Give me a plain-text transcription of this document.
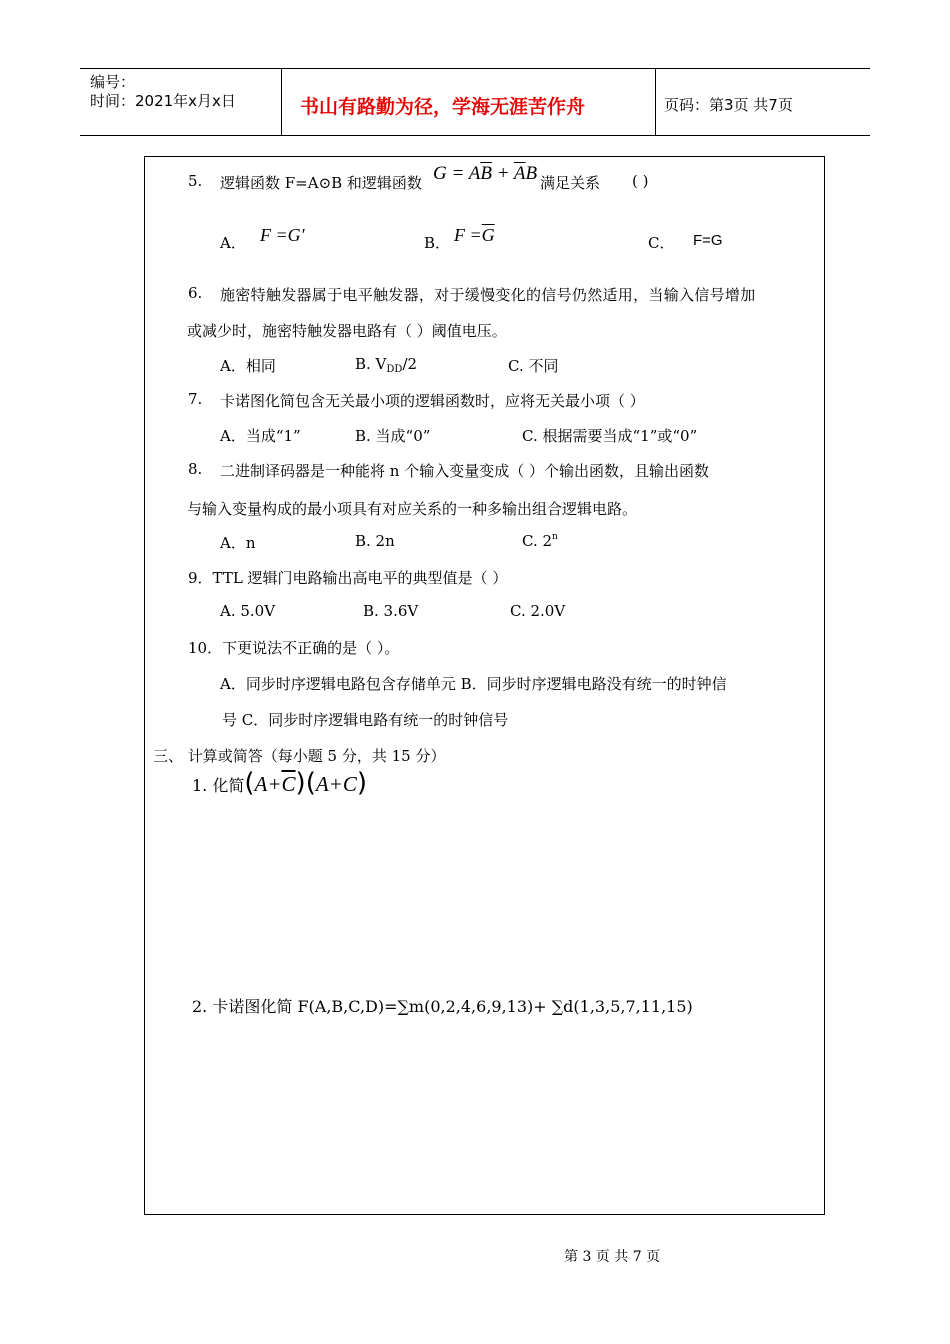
编号：
时间：2021年x月x日	书山有路勤为径，学海无涯苦作舟	页码：第3页 共7页
5. 逻辑函数 F=A⊙B 和逻辑函数 $G = A\overline{B} + \overline{A}B$ 满足关系 ( )
A． F =G′	B． $F =\overline{G}$	C． F=G
6. 施密特触发器属于电平触发器，对于缓慢变化的信号仍然适用，当输入信号增加
或减少时，施密特触发器电路有（ ）阈值电压。
A．相同	B. $V_{DD}/2$	C. 不同
7. 卡诺图化简包含无关最小项的逻辑函数时，应将无关最小项（ ）
A．当成“1”	B. 当成“0”	C. 根据需要当成“1”或“0”
8. 二进制译码器是一种能将 n 个输入变量变成（ ）个输出函数，且输出函数
与输入变量构成的最小项具有对应关系的一种多输出组合逻辑电路。
A．n	B. 2n	C. 2$^n$
9．TTL 逻辑门电路输出高电平的典型值是（ ）
A. 5.0V	B. 3.6V	C. 2.0V
10．下更说法不正确的是（ ）。
A．同步时序逻辑电路包含存储单元 B．同步时序逻辑电路没有统一的时钟信
号 C．同步时序逻辑电路有统一的时钟信号
三、 计算或简答（每小题 5 分，共 15 分）
1. 化简$(A+\overline{C})(A+C)$
2. 卡诺图化简 F(A,B,C,D)=∑m(0,2,4,6,9,13)+ ∑d(1,3,5,7,11,15)
第 3 页 共 7 页
